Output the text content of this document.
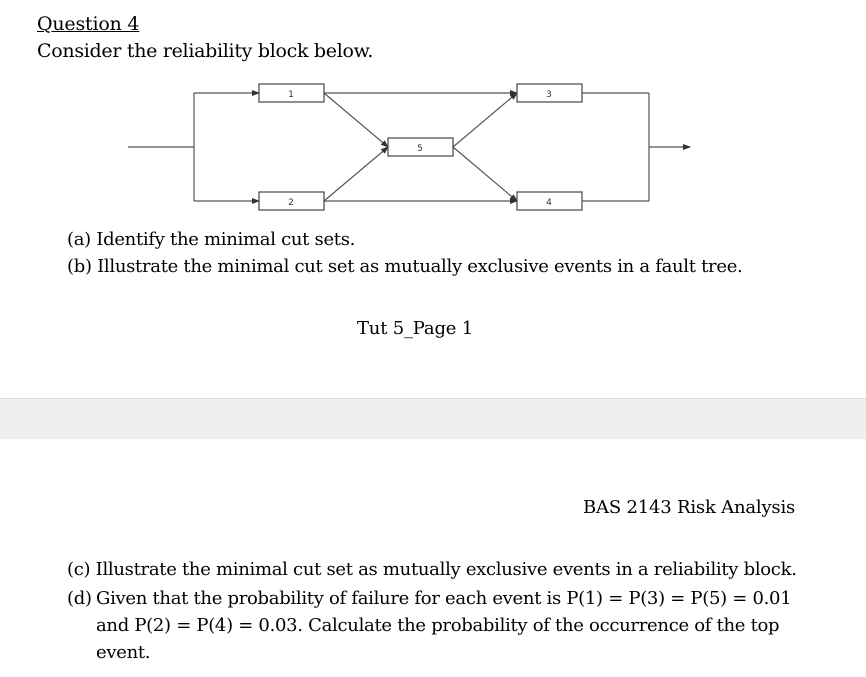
Question 4
Consider the reliability block below.
1
2
3
4
5
(a) Identify the minimal cut sets.
(b) Illustrate the minimal cut set as mutually exclusive events in a fault tree.
Tut 5_Page 1
BAS 2143 Risk Analysis
(c) Illustrate the minimal cut set as mutually exclusive events in a reliability block.
(d) Given that the probability of failure for each event is P(1) = P(3) = P(5) = 0.01
and P(2) = P(4) = 0.03. Calculate the probability of the occurrence of the top
event.
